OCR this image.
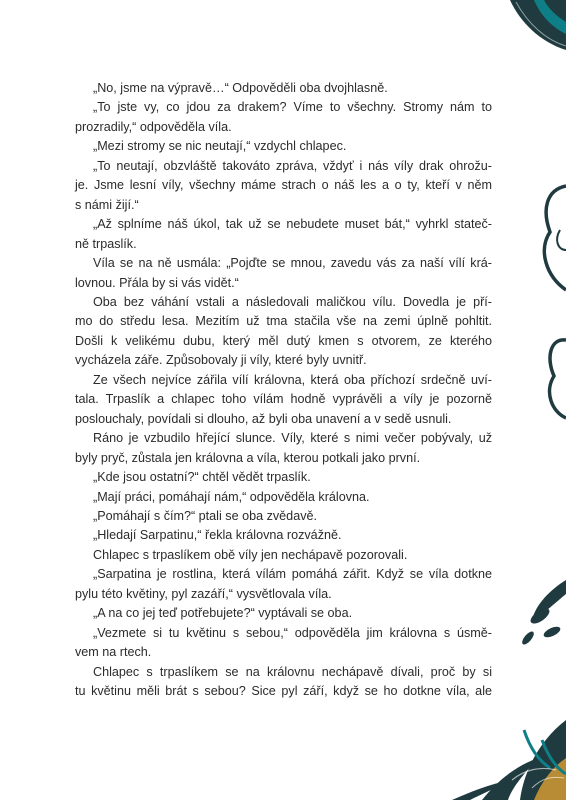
„No, jsme na výpravě…“ Odpověděli oba dvojhlasně.

„To jste vy, co jdou za drakem? Víme to všechny. Stromy nám to

prozradily,“ odpověděla víla.

„Mezi stromy se nic neutají,“ vzdychl chlapec.

„To neutají, obzvláště takováto zpráva, vždyť i nás víly drak ohrožu-

je. Jsme lesní víly, všechny máme strach o náš les a o ty, kteří v něm

s námi žijí.“

„Až splníme náš úkol, tak už se nebudete muset bát,“ vyhrkl stateč-

ně trpaslík.

Víla se na ně usmála: „Pojďte se mnou, zavedu vás za naší vílí krá-

lovnou. Přála by si vás vidět.“

Oba bez váhání vstali a následovali maličkou vílu. Dovedla je pří-

mo do středu lesa. Mezitím už tma stačila vše na zemi úplně pohltit.

Došli k velikému dubu, který měl dutý kmen s otvorem, ze kterého

vycházela záře. Způsobovaly ji víly, které byly uvnitř.

Ze všech nejvíce zářila vílí královna, která oba příchozí srdečně uví-

tala. Trpaslík a chlapec toho vílám hodně vyprávěli a víly je pozorně

poslouchaly, povídali si dlouho, až byli oba unavení a v sedě usnuli.

Ráno je vzbudilo hřející slunce. Víly, které s nimi večer pobývaly, už

byly pryč, zůstala jen královna a víla, kterou potkali jako první.

„Kde jsou ostatní?“ chtěl vědět trpaslík.

„Mají práci, pomáhají nám,“ odpověděla královna.

„Pomáhají s čím?“ ptali se oba zvědavě.

„Hledají Sarpatinu,“ řekla královna rozvážně.

Chlapec s trpaslíkem obě víly jen nechápavě pozorovali.

„Sarpatina je rostlina, která vílám pomáhá zářit. Když se víla dotkne

pylu této květiny, pyl zazáří,“ vysvětlovala víla.

„A na co jej teď potřebujete?“ vyptávali se oba.

„Vezmete si tu květinu s sebou,“ odpověděla jim královna s úsmě-

vem na rtech.

Chlapec s trpaslíkem se na královnu nechápavě dívali, proč by si

tu květinu měli brát s sebou? Sice pyl září, když se ho dotkne víla, ale
